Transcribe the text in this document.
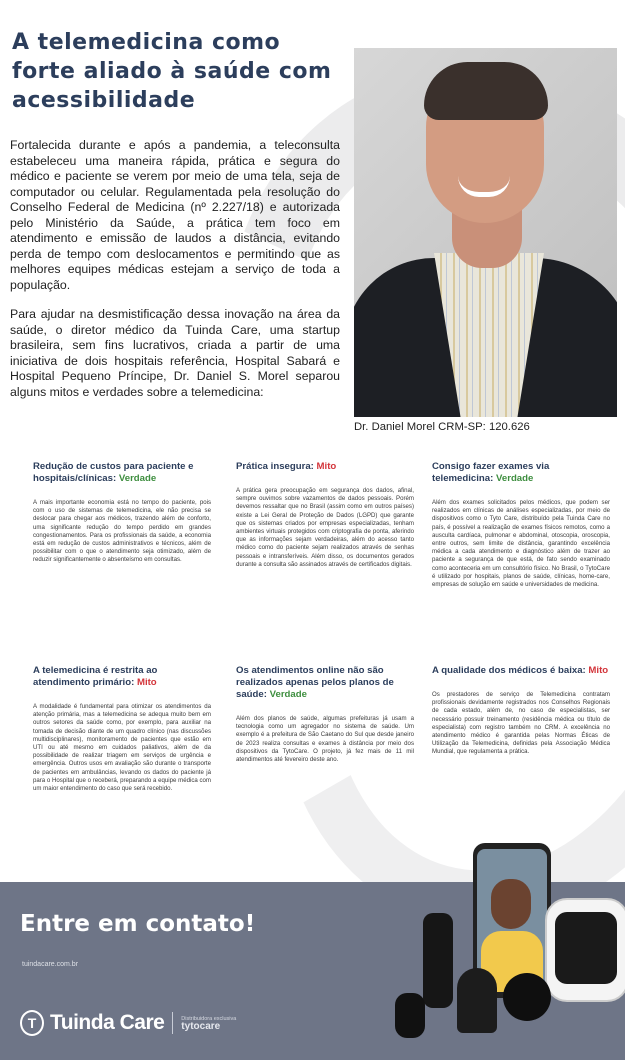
A telemedicina como forte aliado à saúde com acessibilidade

Fortalecida durante e após a pandemia, a teleconsulta estabeleceu uma maneira rápida, prática e segura do médico e paciente se verem por meio de uma tela, seja de computador ou celular. Regulamentada pela resolução do Conselho Federal de Medicina (nº 2.227/18) e autorizada pelo Ministério da Saúde, a prática tem foco em atendimento e emissão de laudos a distância, evitando perda de tempo com deslocamentos e permitindo que as melhores equipes médicas estejam a serviço de toda a população.

Para ajudar na desmistificação dessa inovação na área da saúde, o diretor médico da Tuinda Care, uma startup brasileira, sem fins lucrativos, criada a partir de uma iniciativa de dois hospitais referência, Hospital Sabará e Hospital Pequeno Príncipe, Dr. Daniel S. Morel separou alguns mitos e verdades sobre a telemedicina:

Dr. Daniel Morel CRM-SP: 120.626
Redução de custos para paciente e hospitais/clínicas: Verdade

A mais importante economia está no tempo do paciente, pois com o uso de sistemas de telemedicina, ele não precisa se deslocar para chegar aos médicos, trazendo além de conforto, uma significante redução do tempo perdido em grandes congestionamentos. Para os profissionais da saúde, a economia está em redução de custos administrativos e técnicos, além de possibilitar com o que o atendimento seja otimizado, além de reduzir significantemente o absenteísmo em consultas.

Prática insegura: Mito

A prática gera preocupação em segurança dos dados, afinal, sempre ouvimos sobre vazamentos de dados pessoais. Porém devemos ressaltar que no Brasil (assim como em outros países) existe a Lei Geral de Proteção de Dados (LGPD) que garante que os sistemas criados por empresas especializadas, tenham ambientes virtuais protegidos com criptografia de ponta, aferindo que as informações sejam verdadeiras, além do acesso tanto médico como do paciente sejam realizados através de senhas pessoais e intransferíveis. Além disso, os documentos gerados durante a consulta são assinados através de certificados digitais.

Consigo fazer exames via telemedicina: Verdade

Além dos exames solicitados pelos médicos, que podem ser realizados em clínicas de análises especializadas, por meio de dispositivos como o Tyto Care, distribuído pela Tuinda Care no país, é possível a realização de exames físicos remotos, como a ausculta cardíaca, pulmonar e abdominal, otoscopia, oroscopia, entre outros, sem limite de distância, garantindo excelência médica a cada atendimento e diagnóstico além de trazer ao paciente a segurança de que está, de fato sendo examinado como aconteceria em um consultório físico. No Brasil, o TytoCare é utilizado por hospitais, planos de saúde, clínicas, home-care, empresas de solução em saúde e universidades de medicina.

A telemedicina é restrita ao atendimento primário: Mito

A modalidade é fundamental para otimizar os atendimentos da atenção primária, mas a telemedicina se adequa muito bem em outros setores da saúde como, por exemplo, para auxiliar na tomada de decisão diante de um quadro clínico (nas discussões multidisciplinares), monitoramento de pacientes que estão em UTI ou até mesmo em cuidados paliativos, além de da possibilidade de realizar triagem em serviços de urgência e emergência. Outros usos em avaliação são durante o transporte de pacientes em ambulâncias, levando os dados do paciente já para o Hospital que o receberá, preparando a equipe médica com um maior entendimento do caso que será recebido.

Os atendimentos online não são realizados apenas pelos planos de saúde: Verdade

Além dos planos de saúde, algumas prefeituras já usam a tecnologia como um agregador no sistema de saúde. Um exemplo é a prefeitura de São Caetano do Sul que desde janeiro de 2023 realiza consultas e exames à distância por meio dos dispositivos da TytoCare. O projeto, já fez mais de 11 mil atendimentos até fevereiro deste ano.

A qualidade dos médicos é baixa: Mito

Os prestadores de serviço de Telemedicina contratam profissionais devidamente registrados nos Conselhos Regionais de cada estado, além de, no caso de especialistas, ser necessário possuir treinamento (residência médica ou título de especialista) com registro também no CRM. A excelência no atendimento médico é garantida pelas Normas Éticas de Utilização da Telemedicina, definidas pela Associação Médica Mundial, que regulamenta a prática.

Entre em contato!
tuindacare.com.br
T Tuinda Care	Distribuidora exclusiva
tytocare
